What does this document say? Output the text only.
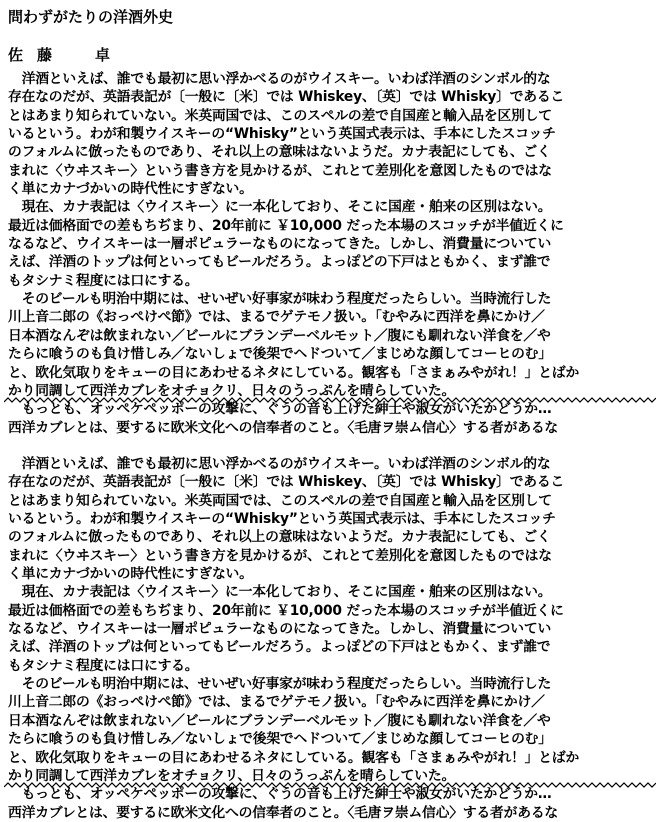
問わずがたりの洋酒外史
佐藤　卓
　洋酒といえば、誰でも最初に思い浮かべるのがウイスキー。いわば洋酒のシンボル的な
存在なのだが、英語表記が〔一般に〔米〕では Whiskey、〔英〕では Whisky〕であるこ
とはあまり知られていない。米英両国では、このスペルの差で自国産と輸入品を区別して
いるという。わが和製ウイスキーの“Whisky”という英国式表示は、手本にしたスコッチ
のフォルムに倣ったものであり、それ以上の意味はないようだ。カナ表記にしても、ごく
まれに〈ウヰスキー〉という書き方を見かけるが、これとて差別化を意図したものではな
く単にカナづかいの時代性にすぎない。
　現在、カナ表記は〈ウイスキー〉に一本化しており、そこに国産・舶来の区別はない。
最近は価格面での差もちぢまり、20年前に ￥10,000 だった本場のスコッチが半値近くに
なるなど、ウイスキーは一層ポピュラーなものになってきた。しかし、消費量についてい
えば、洋酒のトップは何といってもビールだろう。よっぽどの下戸はともかく、まず誰で
もタシナミ程度には口にする。
　そのビールも明治中期には、せいぜい好事家が味わう程度だったらしい。当時流行した
川上音二郎の《おっぺけぺ節》では、まるでゲテモノ扱い。「むやみに西洋を鼻にかけ／
日本酒なんぞは飲まれない／ビールにブランデーベルモット／腹にも馴れない洋食を／や
たらに喰うのも負け惜しみ／ないしょで後架でヘドついて／まじめな顔してコーヒのむ」
と、欧化気取りをキューの目にあわせるネタにしている。観客も「さまぁみやがれ！」とばか
かり同調して西洋カブレをオチョクリ、日々のうっぷんを晴らしていた。
　もっとも、オッペケペッポーの攻撃に、ぐうの音も上げた紳士や淑女がいたかどうか…
西洋カブレとは、要するに欧米文化への信奉者のこと。〈毛唐ヲ崇ム信心〉する者があるな
　洋酒といえば、誰でも最初に思い浮かべるのがウイスキー。いわば洋酒のシンボル的な
存在なのだが、英語表記が〔一般に〔米〕では Whiskey、〔英〕では Whisky〕であるこ
とはあまり知られていない。米英両国では、このスペルの差で自国産と輸入品を区別して
いるという。わが和製ウイスキーの“Whisky”という英国式表示は、手本にしたスコッチ
のフォルムに倣ったものであり、それ以上の意味はないようだ。カナ表記にしても、ごく
まれに〈ウヰスキー〉という書き方を見かけるが、これとて差別化を意図したものではな
く単にカナづかいの時代性にすぎない。
　現在、カナ表記は〈ウイスキー〉に一本化しており、そこに国産・舶来の区別はない。
最近は価格面での差もちぢまり、20年前に ￥10,000 だった本場のスコッチが半値近くに
なるなど、ウイスキーは一層ポピュラーなものになってきた。しかし、消費量についてい
えば、洋酒のトップは何といってもビールだろう。よっぽどの下戸はともかく、まず誰で
もタシナミ程度には口にする。
　そのビールも明治中期には、せいぜい好事家が味わう程度だったらしい。当時流行した
川上音二郎の《おっぺけぺ節》では、まるでゲテモノ扱い。「むやみに西洋を鼻にかけ／
日本酒なんぞは飲まれない／ビールにブランデーベルモット／腹にも馴れない洋食を／や
たらに喰うのも負け惜しみ／ないしょで後架でヘドついて／まじめな顔してコーヒのむ」
と、欧化気取りをキューの目にあわせるネタにしている。観客も「さまぁみやがれ！」とばか
かり同調して西洋カブレをオチョクリ、日々のうっぷんを晴らしていた。
　もっとも、オッペケペッポーの攻撃に、ぐうの音も上げた紳士や淑女がいたかどうか…
西洋カブレとは、要するに欧米文化への信奉者のこと。〈毛唐ヲ崇ム信心〉する者があるな
